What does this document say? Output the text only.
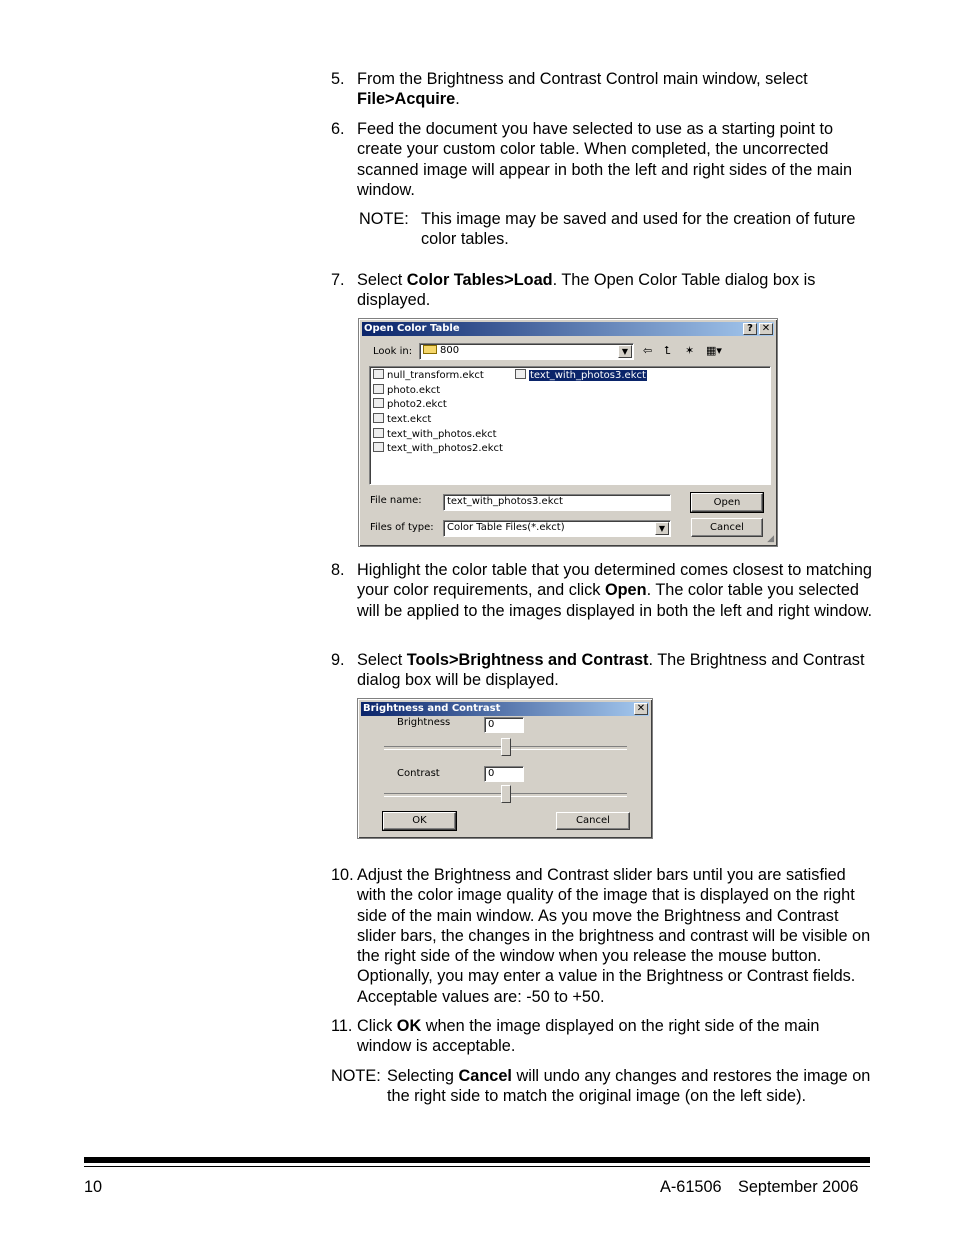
5. From the Brightness and Contrast Control main window, select File>Acquire.

6. Feed the document you have selected to use as a starting point to create your custom color table. When completed, the uncorrected scanned image will appear in both the left and right sides of the main window.

NOTE: This image may be saved and used for the creation of future color tables.

7. Select Color Tables>Load. The Open Color Table dialog box is displayed.

Open Color Table	? ✕
Look in:	800	▼	⇦ ⮤ ✶ ▦▾
null_transform.ekct
photo.ekct
photo2.ekct
text.ekct
text_with_photos.ekct
text_with_photos2.ekct
text_with_photos3.ekct
File name:	text_with_photos3.ekct	Open
Files of type:	Color Table Files(*.ekct)	▼	Cancel
◢
8. Highlight the color table that you determined comes closest to matching your color requirements, and click Open. The color table you selected will be applied to the images displayed in both the left and right window.

9. Select Tools>Brightness and Contrast. The Brightness and Contrast dialog box will be displayed.

Brightness and Contrast	✕
Brightness	0
Contrast	0
OK	Cancel
10. Adjust the Brightness and Contrast slider bars until you are satisfied with the color image quality of the image that is displayed on the right side of the main window. As you move the Brightness and Contrast slider bars, the changes in the brightness and contrast will be visible on the right side of the window when you release the mouse button. Optionally, you may enter a value in the Brightness or Contrast fields. Acceptable values are: -50 to +50.

11. Click OK when the image displayed on the right side of the main window is acceptable.

NOTE: Selecting Cancel will undo any changes and restores the image on the right side to match the original image (on the left side).

10	A-61506 September 2006
